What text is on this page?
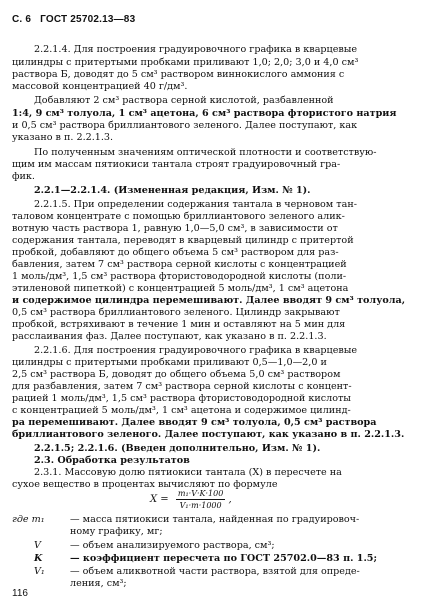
С. 6 ГОСТ 25702.13—83
2.2.1.4. Для построения градуировочного графика в кварцевые
цилиндры с притертыми пробками приливают 1,0; 2,0; 3,0 и 4,0 см³
раствора Б, доводят до 5 см³ раствором виннокислого аммония с
массовой концентрацией 40 г/дм³.
Добавляют 2 см³ раствора серной кислотой, разбавленной
1:4, 9 см³ толуола, 1 см³ ацетона, 6 см³ раствора фтористого натрия
и 0,5 см³ раствора бриллиантового зеленого. Далее поступают, как
указано в п. 2.2.1.3.
По полученным значениям оптической плотности и соответствую-
щим им массам пятиокиси тантала строят градуировочный гра-
фик.
2.2.1—2.2.1.4. (Измененная редакция, Изм. № 1).
2.2.1.5. При определении содержания тантала в черновом тан-
таловом концентрате с помощью бриллиантового зеленого алик-
вотную часть раствора 1, равную 1,0—5,0 см³, в зависимости от
содержания тантала, переводят в кварцевый цилиндр с притертой
пробкой, добавляют до общего объема 5 см³ раствором для раз-
бавления, затем 7 см³ раствора серной кислоты с концентрацией
1 моль/дм³, 1,5 см³ раствора фтористоводородной кислоты (поли-
этиленовой пипеткой) с концентрацией 5 моль/дм³, 1 см³ ацетона
и содержимое цилиндра перемешивают. Далее вводят 9 см³ толуола,
0,5 см³ раствора бриллиантового зеленого. Цилиндр закрывают
пробкой, встряхивают в течение 1 мин и оставляют на 5 мин для
расслаивания фаз. Далее поступают, как указано в п. 2.2.1.3.
2.2.1.6. Для построения градуировочного графика в кварцевые
цилиндры с притертыми пробками приливают 0,5—1,0—2,0 и
2,5 см³ раствора Б, доводят до общего объема 5,0 см³ раствором
для разбавления, затем 7 см³ раствора серной кислоты с концент-
рацией 1 моль/дм³, 1,5 см³ раствора фтористоводородной кислоты
с концентрацией 5 моль/дм³, 1 см³ ацетона и содержимое цилинд-
ра перемешивают. Далее вводят 9 см³ толуола, 0,5 см³ раствора
бриллиантового зеленого. Далее поступают, как указано в п. 2.2.1.3.
2.2.1.5; 2.2.1.6. (Введен дополнительно, Изм. № 1).
2.3. Обработка результатов
2.3.1. Массовую долю пятиокиси тантала (X) в пересчете на
сухое вещество в процентах вычисляют по формуле
$X = \frac{\text{m₁·V·K·100}}{\text{V₁·m·1000}}$ ,
где m₁	— масса пятиокиси тантала, найденная по градуировоч-
ному графику, мг;
V	— объем анализируемого раствора, см³;
K	— коэффициент пересчета по ГОСТ 25702.0—83 п. 1.5;
V₁	— объем аликвотной части раствора, взятой для опреде-
ления, см³;
116
